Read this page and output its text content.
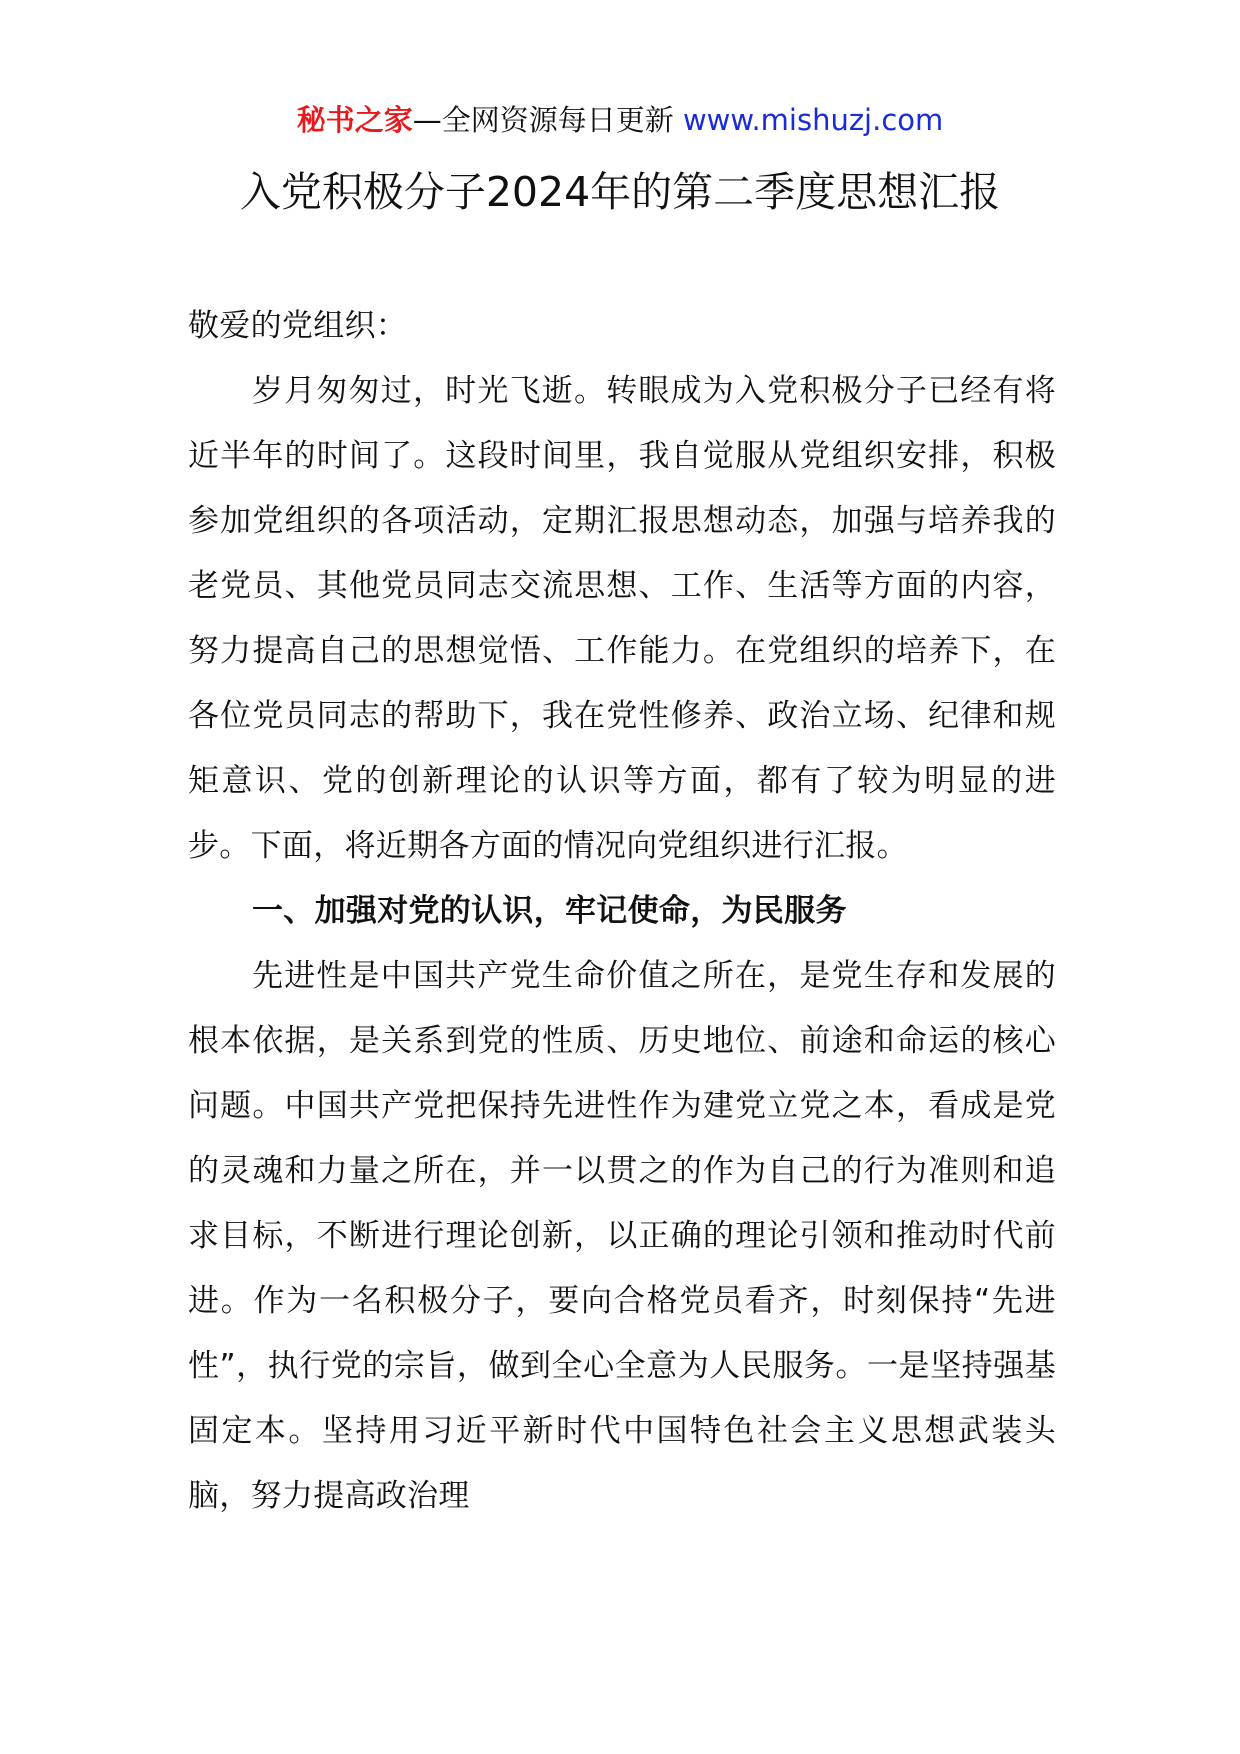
秘书之家—全网资源每日更新 www.mishuzj.com
入党积极分子2024年的第二季度思想汇报

敬爱的党组织：

岁月匆匆过，时光飞逝。转眼成为入党积极分子已经有将近半年的时间了。这段时间里，我自觉服从党组织安排，积极参加党组织的各项活动，定期汇报思想动态，加强与培养我的老党员、其他党员同志交流思想、工作、生活等方面的内容，努力提高自己的思想觉悟、工作能力。在党组织的培养下，在各位党员同志的帮助下，我在党性修养、政治立场、纪律和规矩意识、党的创新理论的认识等方面，都有了较为明显的进步。下面，将近期各方面的情况向党组织进行汇报。

一、加强对党的认识，牢记使命，为民服务

先进性是中国共产党生命价值之所在，是党生存和发展的根本依据，是关系到党的性质、历史地位、前途和命运的核心问题。中国共产党把保持先进性作为建党立党之本，看成是党的灵魂和力量之所在，并一以贯之的作为自己的行为准则和追求目标，不断进行理论创新，以正确的理论引领和推动时代前进。作为一名积极分子，要向合格党员看齐，时刻保持“先进性”，执行党的宗旨，做到全心全意为人民服务。一是坚持强基固定本。坚持用习近平新时代中国特色社会主义思想武装头脑，努力提高政治理
